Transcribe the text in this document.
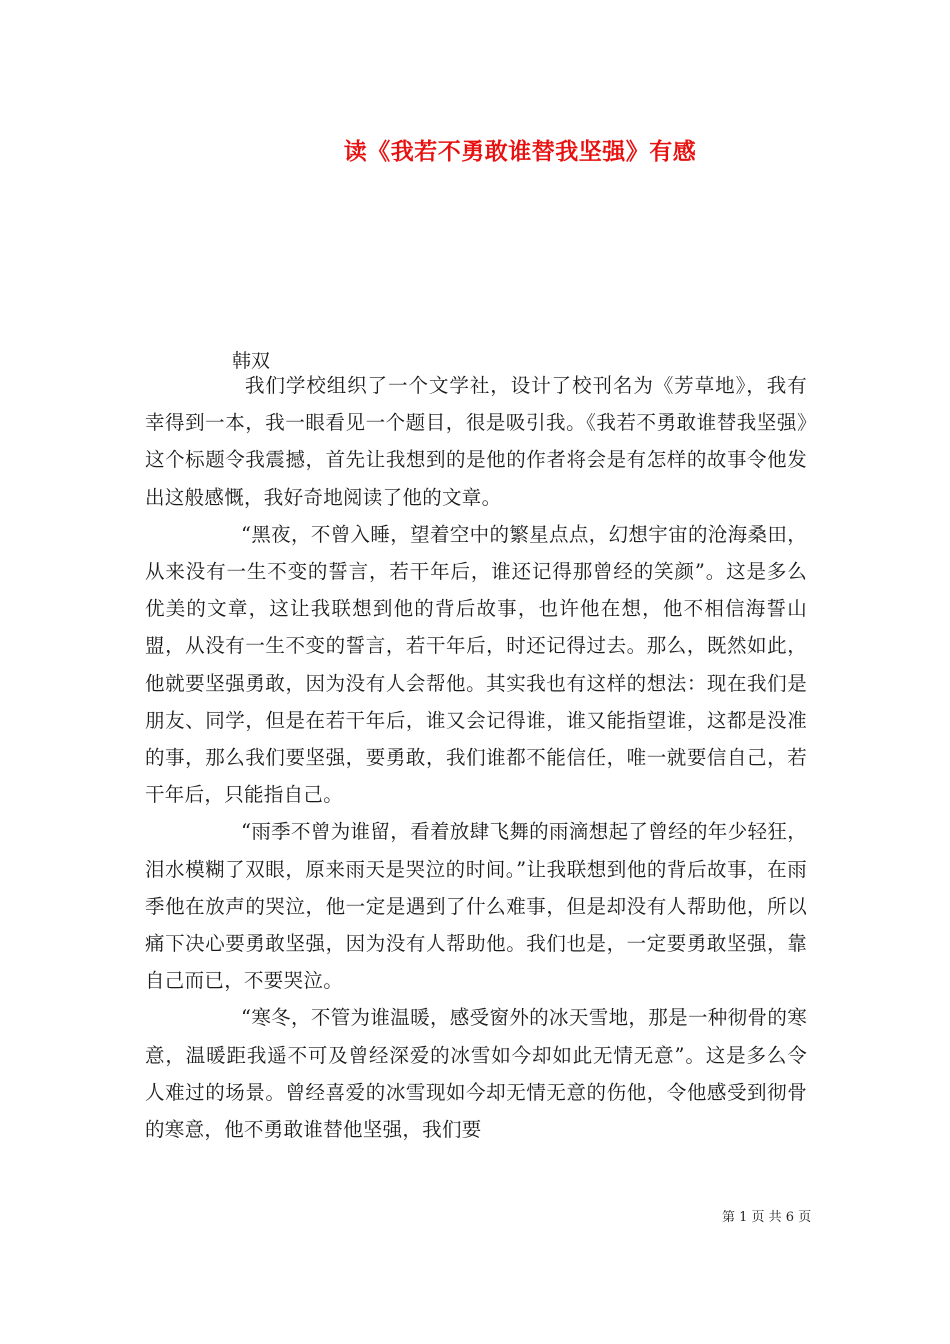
读《我若不勇敢谁替我坚强》有感
韩双

我们学校组织了一个文学社，设计了校刊名为《芳草地》，我有幸得到一本，我一眼看见一个题目，很是吸引我。《我若不勇敢谁替我坚强》这个标题令我震撼，首先让我想到的是他的作者将会是有怎样的故事令他发出这般感慨，我好奇地阅读了他的文章。

“黑夜，不曾入睡，望着空中的繁星点点，幻想宇宙的沧海桑田，从来没有一生不变的誓言，若干年后，谁还记得那曾经的笑颜”。这是多么优美的文章，这让我联想到他的背后故事，也许他在想，他不相信海誓山盟，从没有一生不变的誓言，若干年后，时还记得过去。那么，既然如此，他就要坚强勇敢，因为没有人会帮他。其实我也有这样的想法：现在我们是朋友、同学，但是在若干年后，谁又会记得谁，谁又能指望谁，这都是没准的事，那么我们要坚强，要勇敢，我们谁都不能信任，唯一就要信自己，若干年后，只能指自己。

“雨季不曾为谁留，看着放肆飞舞的雨滴想起了曾经的年少轻狂，泪水模糊了双眼，原来雨天是哭泣的时间。”让我联想到他的背后故事，在雨季他在放声的哭泣，他一定是遇到了什么难事，但是却没有人帮助他，所以痛下决心要勇敢坚强，因为没有人帮助他。我们也是，一定要勇敢坚强，靠自己而已，不要哭泣。

“寒冬，不管为谁温暖，感受窗外的冰天雪地，那是一种彻骨的寒意，温暖距我遥不可及曾经深爱的冰雪如今却如此无情无意”。这是多么令人难过的场景。曾经喜爱的冰雪现如今却无情无意的伤他，令他感受到彻骨的寒意，他不勇敢谁替他坚强，我们要

第 1 页 共 6 页
